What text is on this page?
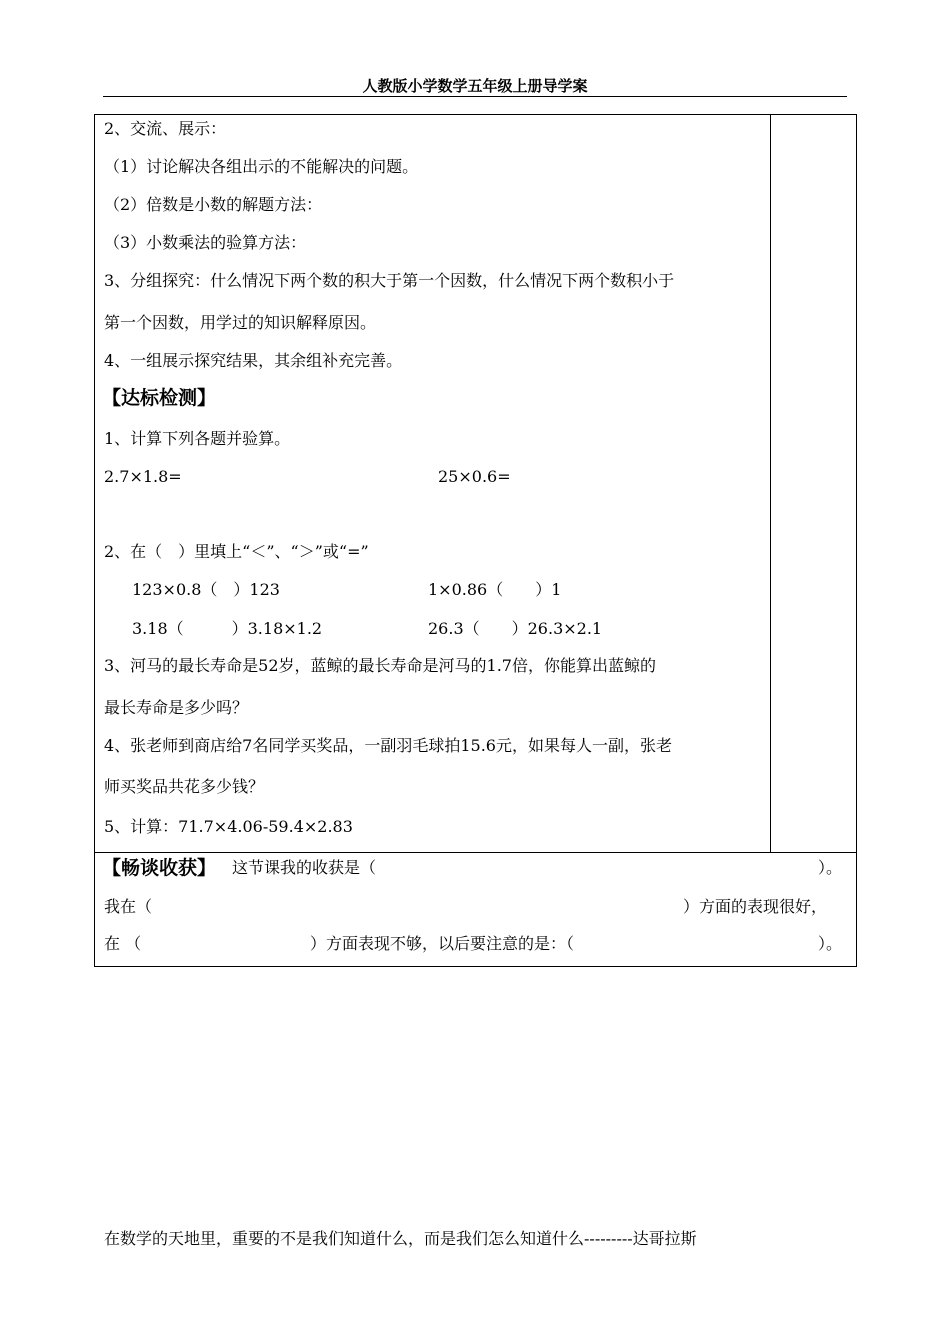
人教版小学数学五年级上册导学案
2、交流、展示：
（1）讨论解决各组出示的不能解决的问题。
（2）倍数是小数的解题方法：
（3）小数乘法的验算方法：
3、分组探究：什么情况下两个数的积大于第一个因数，什么情况下两个数积小于
第一个因数，用学过的知识解释原因。
4、一组展示探究结果，其余组补充完善。
【达标检测】
1、计算下列各题并验算。
2.7×1.8=	25×0.6=
2、在（　）里填上“＜”、“＞”或“=”
123×0.8（　）123	1×0.86（　　）1
3.18（　　　）3.18×1.2	26.3（　　）26.3×2.1
3、河马的最长寿命是52岁，蓝鲸的最长寿命是河马的1.7倍，你能算出蓝鲸的
最长寿命是多少吗？
4、张老师到商店给7名同学买奖品，一副羽毛球拍15.6元，如果每人一副，张老
师买奖品共花多少钱？
5、计算：71.7×4.06-59.4×2.83
【畅谈收获】 这节课我的收获是（	）。
我在（	）方面的表现很好，
在 （	）方面表现不够，以后要注意的是：（	）。
在数学的天地里，重要的不是我们知道什么，而是我们怎么知道什么---------达哥拉斯
